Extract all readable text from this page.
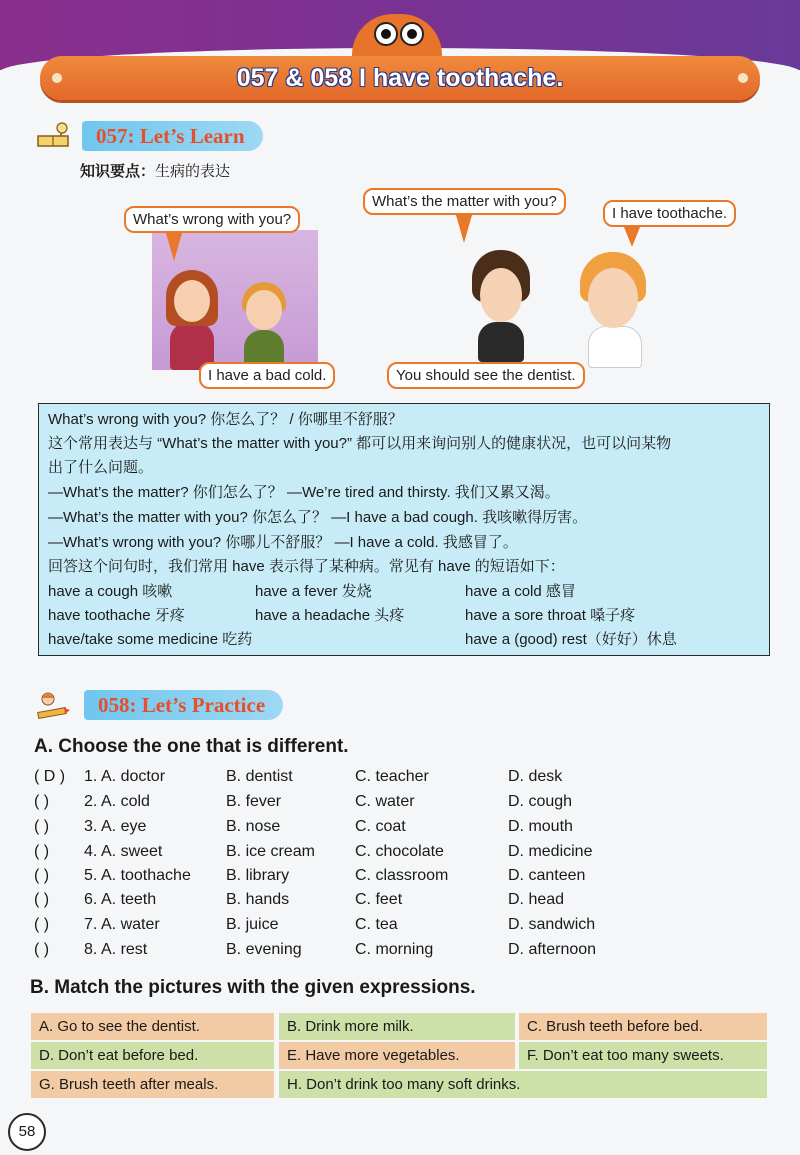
057 & 058 I have toothache.
057: Let’s Learn
知识要点：生病的表达
What’s wrong with you?
What’s the matter with you?
I have toothache.
I have a bad cold.	You should see the dentist.
What’s wrong with you? 你怎么了？ / 你哪里不舒服？
这个常用表达与 “What’s the matter with you?” 都可以用来询问别人的健康状况，也可以问某物
出了什么问题。
—What’s the matter? 你们怎么了？ —We’re tired and thirsty. 我们又累又渴。
—What’s the matter with you? 你怎么了？ —I have a bad cough. 我咳嗽得厉害。
—What’s wrong with you? 你哪儿不舒服？ —I have a cold. 我感冒了。
回答这个问句时，我们常用 have 表示得了某种病。常见有 have 的短语如下：
have a cough 咳嗽	have a fever 发烧	have a cold 感冒
have toothache 牙疼	have a headache 头疼	have a sore throat 嗓子疼
have/take some medicine 吃药	have a (good) rest（好好）休息
058: Let’s Practice
A. Choose the one that is different.
( D ) 1. A. doctor	B. dentist	C. teacher	D. desk
( ) 2. A. cold	B. fever	C. water	D. cough
( ) 3. A. eye	B. nose	C. coat	D. mouth
( ) 4. A. sweet	B. ice cream	C. chocolate	D. medicine
( ) 5. A. toothache B. library	C. classroom	D. canteen
( ) 6. A. teeth	B. hands	C. feet	D. head
( ) 7. A. water	B. juice	C. tea	D. sandwich
( ) 8. A. rest	B. evening	C. morning	D. afternoon
B. Match the pictures with the given expressions.
A. Go to see the dentist.	B. Drink more milk.	C. Brush teeth before bed.
D. Don’t eat before bed.	E. Have more vegetables.	F. Don’t eat too many sweets.
G. Brush teeth after meals.	H. Don’t drink too many soft drinks.
58
